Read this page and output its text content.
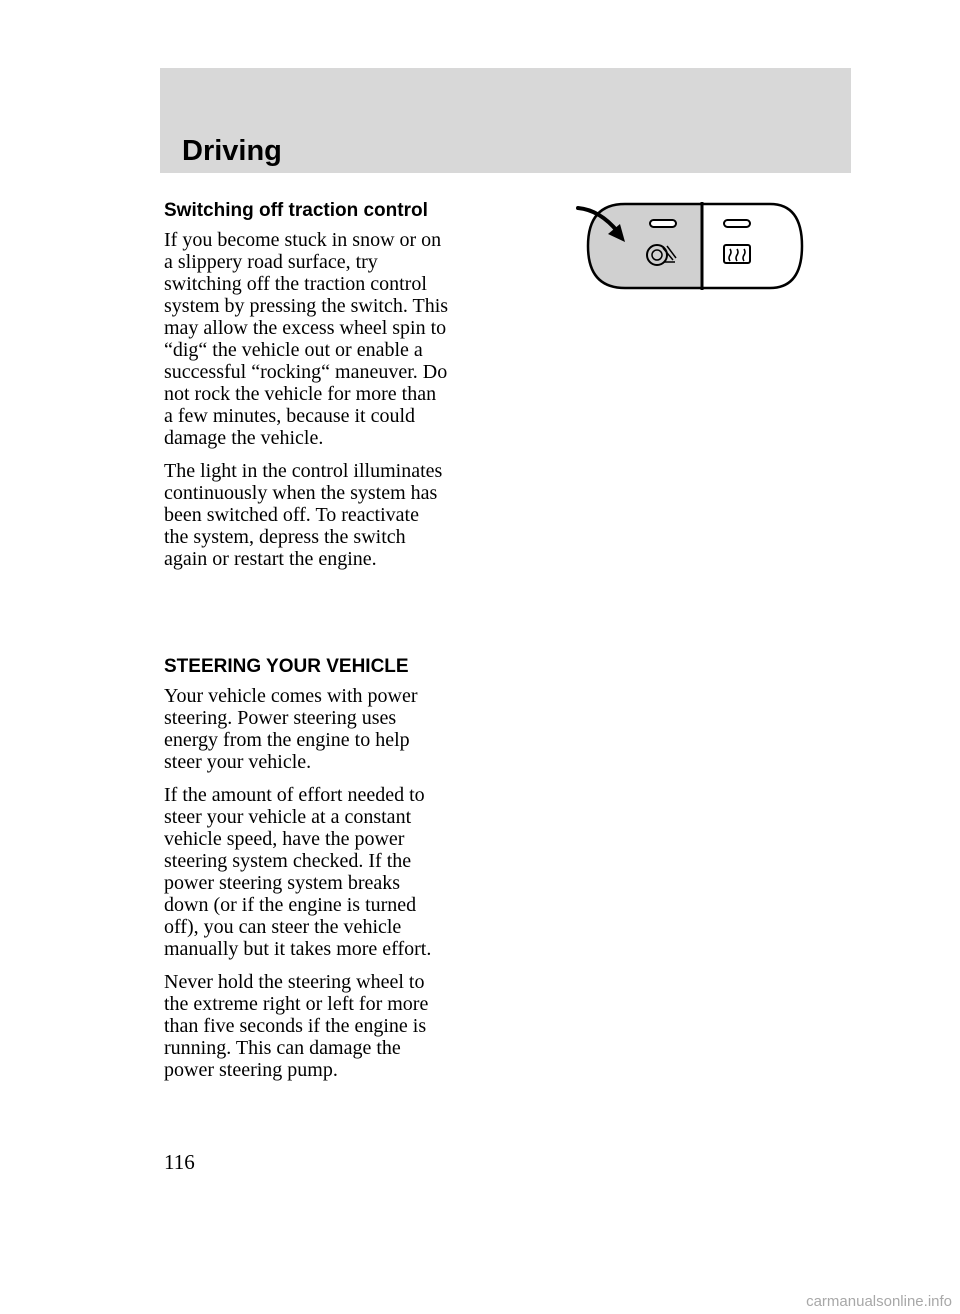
Driving
Switching off traction control

If you become stuck in snow or on
a slippery road surface, try
switching off the traction control
system by pressing the switch. This
may allow the excess wheel spin to
“dig“ the vehicle out or enable a
successful “rocking“ maneuver. Do
not rock the vehicle for more than
a few minutes, because it could
damage the vehicle.

The light in the control illuminates
continuously when the system has
been switched off. To reactivate
the system, depress the switch
again or restart the engine.

STEERING YOUR VEHICLE

Your vehicle comes with power
steering. Power steering uses
energy from the engine to help
steer your vehicle.

If the amount of effort needed to
steer your vehicle at a constant
vehicle speed, have the power
steering system checked. If the
power steering system breaks
down (or if the engine is turned
off), you can steer the vehicle
manually but it takes more effort.

Never hold the steering wheel to
the extreme right or left for more
than five seconds if the engine is
running. This can damage the
power steering pump.

116
carmanualsonline.info
